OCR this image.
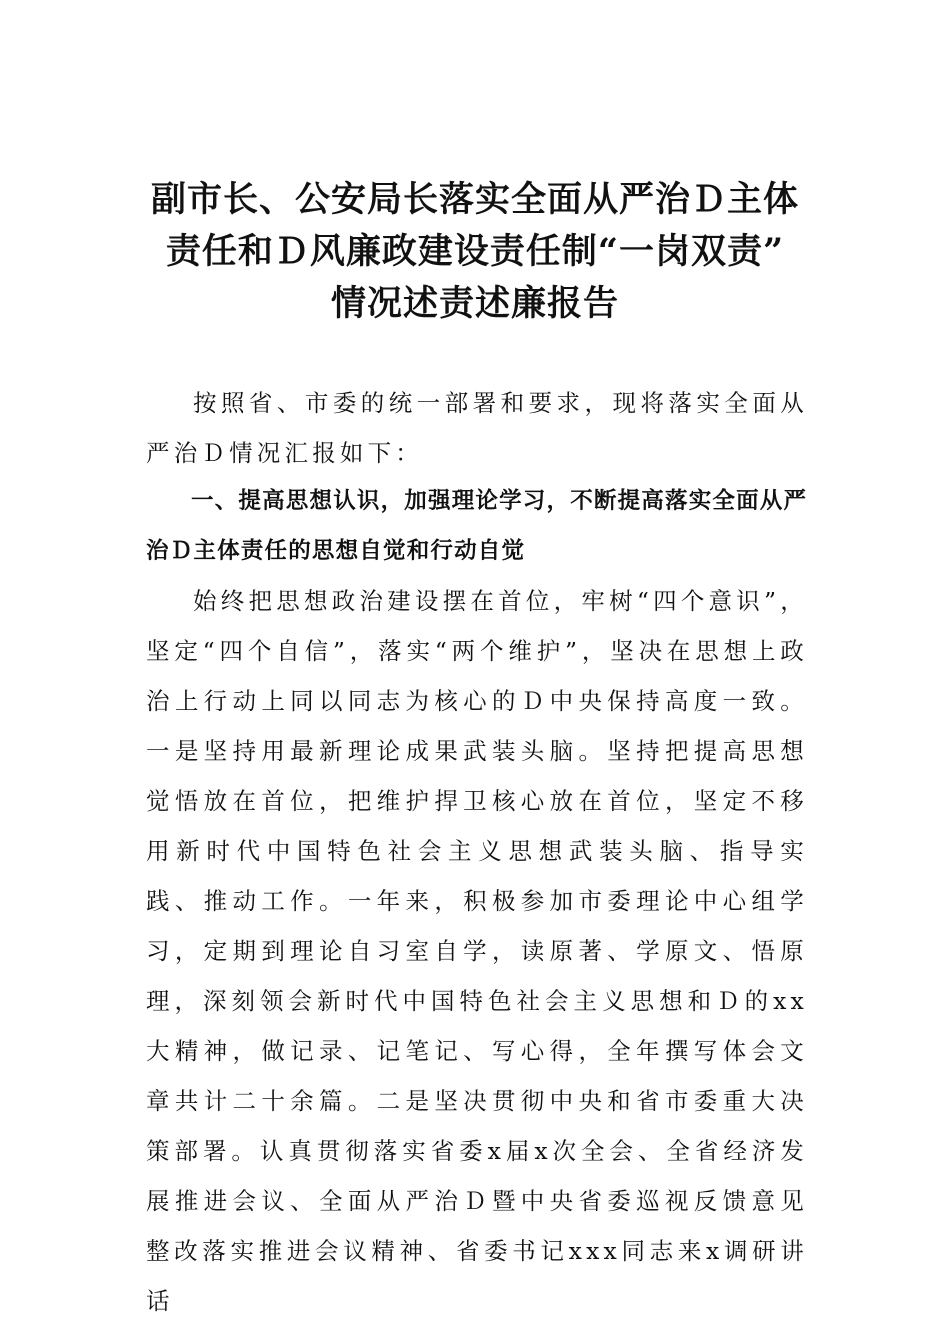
副市长、公安局长落实全面从严治Ｄ主体
责任和Ｄ风廉政建设责任制“一岗双责”
情况述责述廉报告

按照省、市委的统一部署和要求，现将落实全面从严治Ｄ情况汇报如下：

一、提高思想认识，加强理论学习，不断提高落实全面从严治Ｄ主体责任的思想自觉和行动自觉

始终把思想政治建设摆在首位，牢树“四个意识”，坚定“四个自信”，落实“两个维护”，坚决在思想上政治上行动上同以同志为核心的Ｄ中央保持高度一致。一是坚持用最新理论成果武装头脑。坚持把提高思想觉悟放在首位，把维护捍卫核心放在首位，坚定不移用新时代中国特色社会主义思想武装头脑、指导实践、推动工作。一年来，积极参加市委理论中心组学习，定期到理论自习室自学，读原著、学原文、悟原理，深刻领会新时代中国特色社会主义思想和Ｄ的xx大精神，做记录、记笔记、写心得，全年撰写体会文章共计二十余篇。二是坚决贯彻中央和省市委重大决策部署。认真贯彻落实省委x届x次全会、全省经济发展推进会议、全面从严治Ｄ暨中央省委巡视反馈意见整改落实推进会议精神、省委书记xxx同志来x调研讲话
